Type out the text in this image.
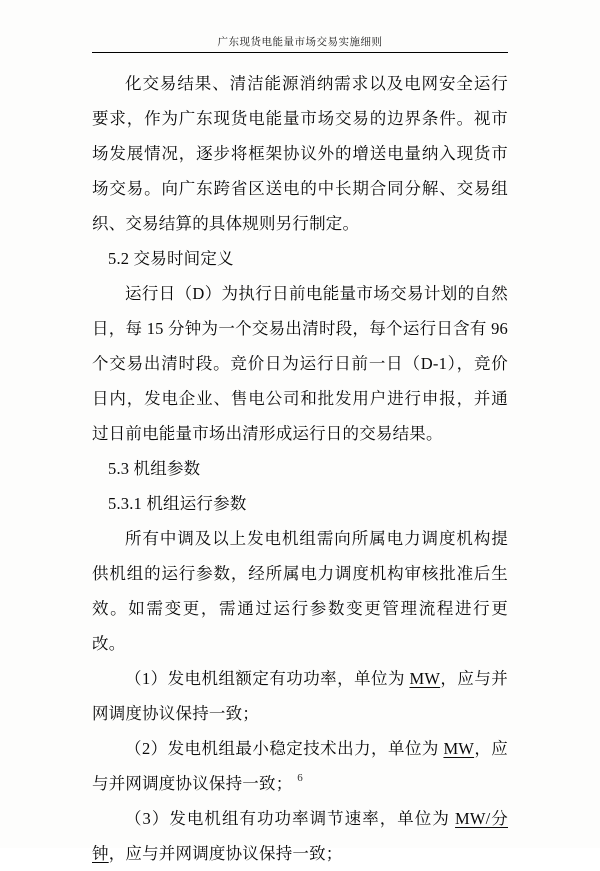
广东现货电能量市场交易实施细则

化交易结果、清洁能源消纳需求以及电网安全运行要求，作为广东现货电能量市场交易的边界条件。视市场发展情况，逐步将框架协议外的增送电量纳入现货市场交易。向广东跨省区送电的中长期合同分解、交易组织、交易结算的具体规则另行制定。

5.2 交易时间定义

运行日（D）为执行日前电能量市场交易计划的自然日，每 15 分钟为一个交易出清时段，每个运行日含有 96 个交易出清时段。竞价日为运行日前一日（D-1），竞价日内，发电企业、售电公司和批发用户进行申报，并通过日前电能量市场出清形成运行日的交易结果。

5.3 机组参数

5.3.1 机组运行参数

所有中调及以上发电机组需向所属电力调度机构提供机组的运行参数，经所属电力调度机构审核批准后生效。如需变更，需通过运行参数变更管理流程进行更改。

（1）发电机组额定有功功率，单位为 MW，应与并网调度协议保持一致；

（2）发电机组最小稳定技术出力，单位为 MW，应与并网调度协议保持一致；

（3）发电机组有功功率调节速率，单位为 MW/分钟，应与并网调度协议保持一致；

6
